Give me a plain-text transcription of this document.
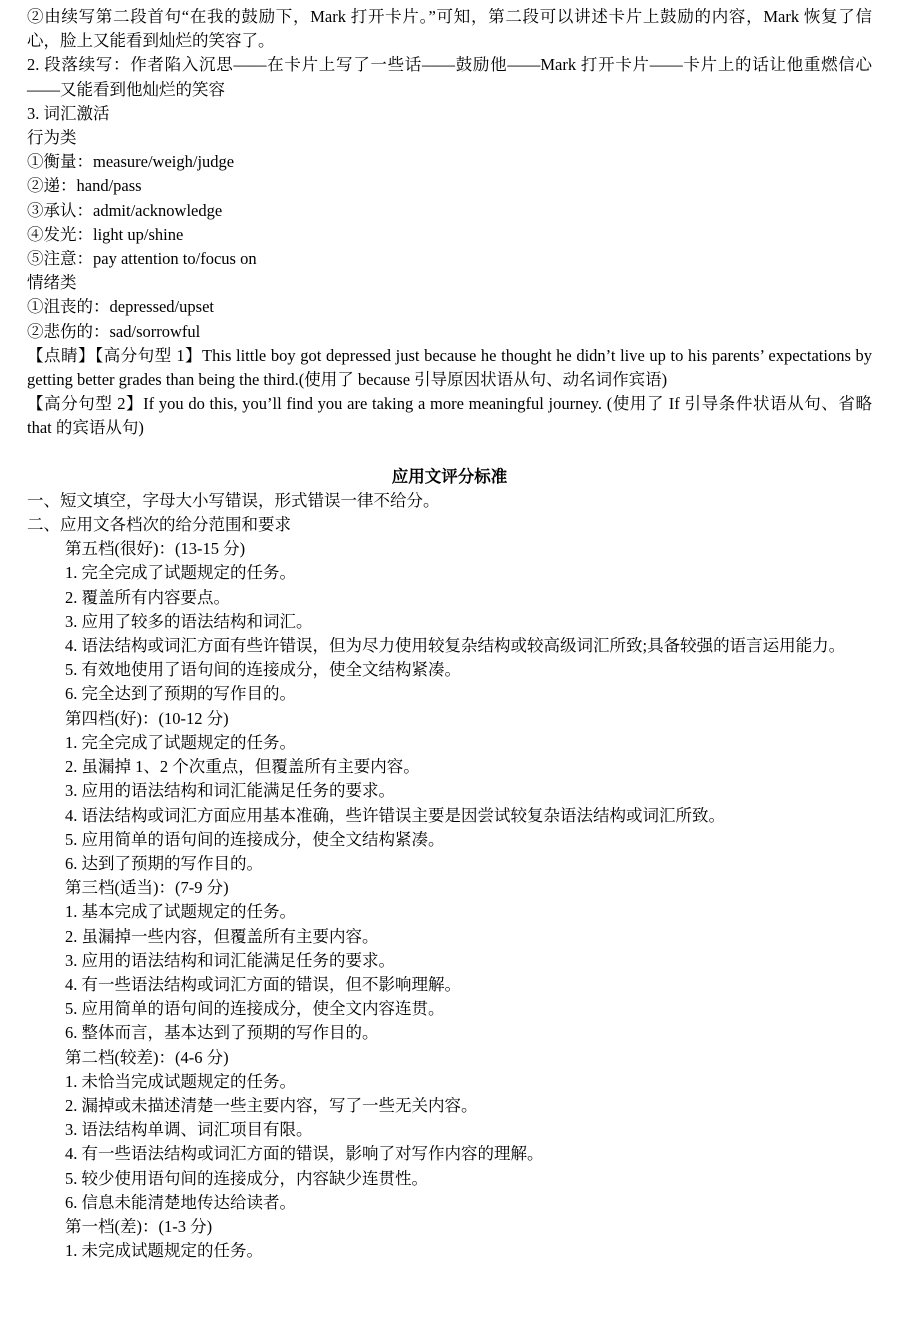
②由续写第二段首句“在我的鼓励下，Mark 打开卡片。”可知，第二段可以讲述卡片上鼓励的内容，Mark 恢复了信心，脸上又能看到灿烂的笑容了。
2. 段落续写：作者陷入沉思——在卡片上写了一些话——鼓励他——Mark 打开卡片——卡片上的话让他重燃信心——又能看到他灿烂的笑容
3. 词汇激活
行为类
①衡量：measure/weigh/judge
②递：hand/pass
③承认：admit/acknowledge
④发光：light up/shine
⑤注意：pay attention to/focus on
情绪类
①沮丧的：depressed/upset
②悲伤的：sad/sorrowful
【点睛】【高分句型 1】This little boy got depressed just because he thought he didn’t live up to his parents’ expectations by getting better grades than being the third.(使用了 because 引导原因状语从句、动名词作宾语)
【高分句型 2】If you do this, you’ll find you are taking a more meaningful journey. (使用了 If 引导条件状语从句、省略 that 的宾语从句)
应用文评分标准
一、短文填空，字母大小写错误，形式错误一律不给分。
二、应用文各档次的给分范围和要求
第五档(很好)：(13-15 分)
1. 完全完成了试题规定的任务。
2. 覆盖所有内容要点。
3. 应用了较多的语法结构和词汇。
4. 语法结构或词汇方面有些许错误，但为尽力使用较复杂结构或较高级词汇所致;具备较强的语言运用能力。
5. 有效地使用了语句间的连接成分，使全文结构紧凑。
6. 完全达到了预期的写作目的。
第四档(好)：(10-12 分)
1. 完全完成了试题规定的任务。
2. 虽漏掉 1、2 个次重点，但覆盖所有主要内容。
3. 应用的语法结构和词汇能满足任务的要求。
4. 语法结构或词汇方面应用基本准确，些许错误主要是因尝试较复杂语法结构或词汇所致。
5. 应用简单的语句间的连接成分，使全文结构紧凑。
6. 达到了预期的写作目的。
第三档(适当)：(7-9 分)
1. 基本完成了试题规定的任务。
2. 虽漏掉一些内容，但覆盖所有主要内容。
3. 应用的语法结构和词汇能满足任务的要求。
4. 有一些语法结构或词汇方面的错误，但不影响理解。
5. 应用简单的语句间的连接成分，使全文内容连贯。
6. 整体而言，基本达到了预期的写作目的。
第二档(较差)：(4-6 分)
1. 未恰当完成试题规定的任务。
2. 漏掉或未描述清楚一些主要内容，写了一些无关内容。
3. 语法结构单调、词汇项目有限。
4. 有一些语法结构或词汇方面的错误，影响了对写作内容的理解。
5. 较少使用语句间的连接成分，内容缺少连贯性。
6. 信息未能清楚地传达给读者。
第一档(差)：(1-3 分)
1. 未完成试题规定的任务。
